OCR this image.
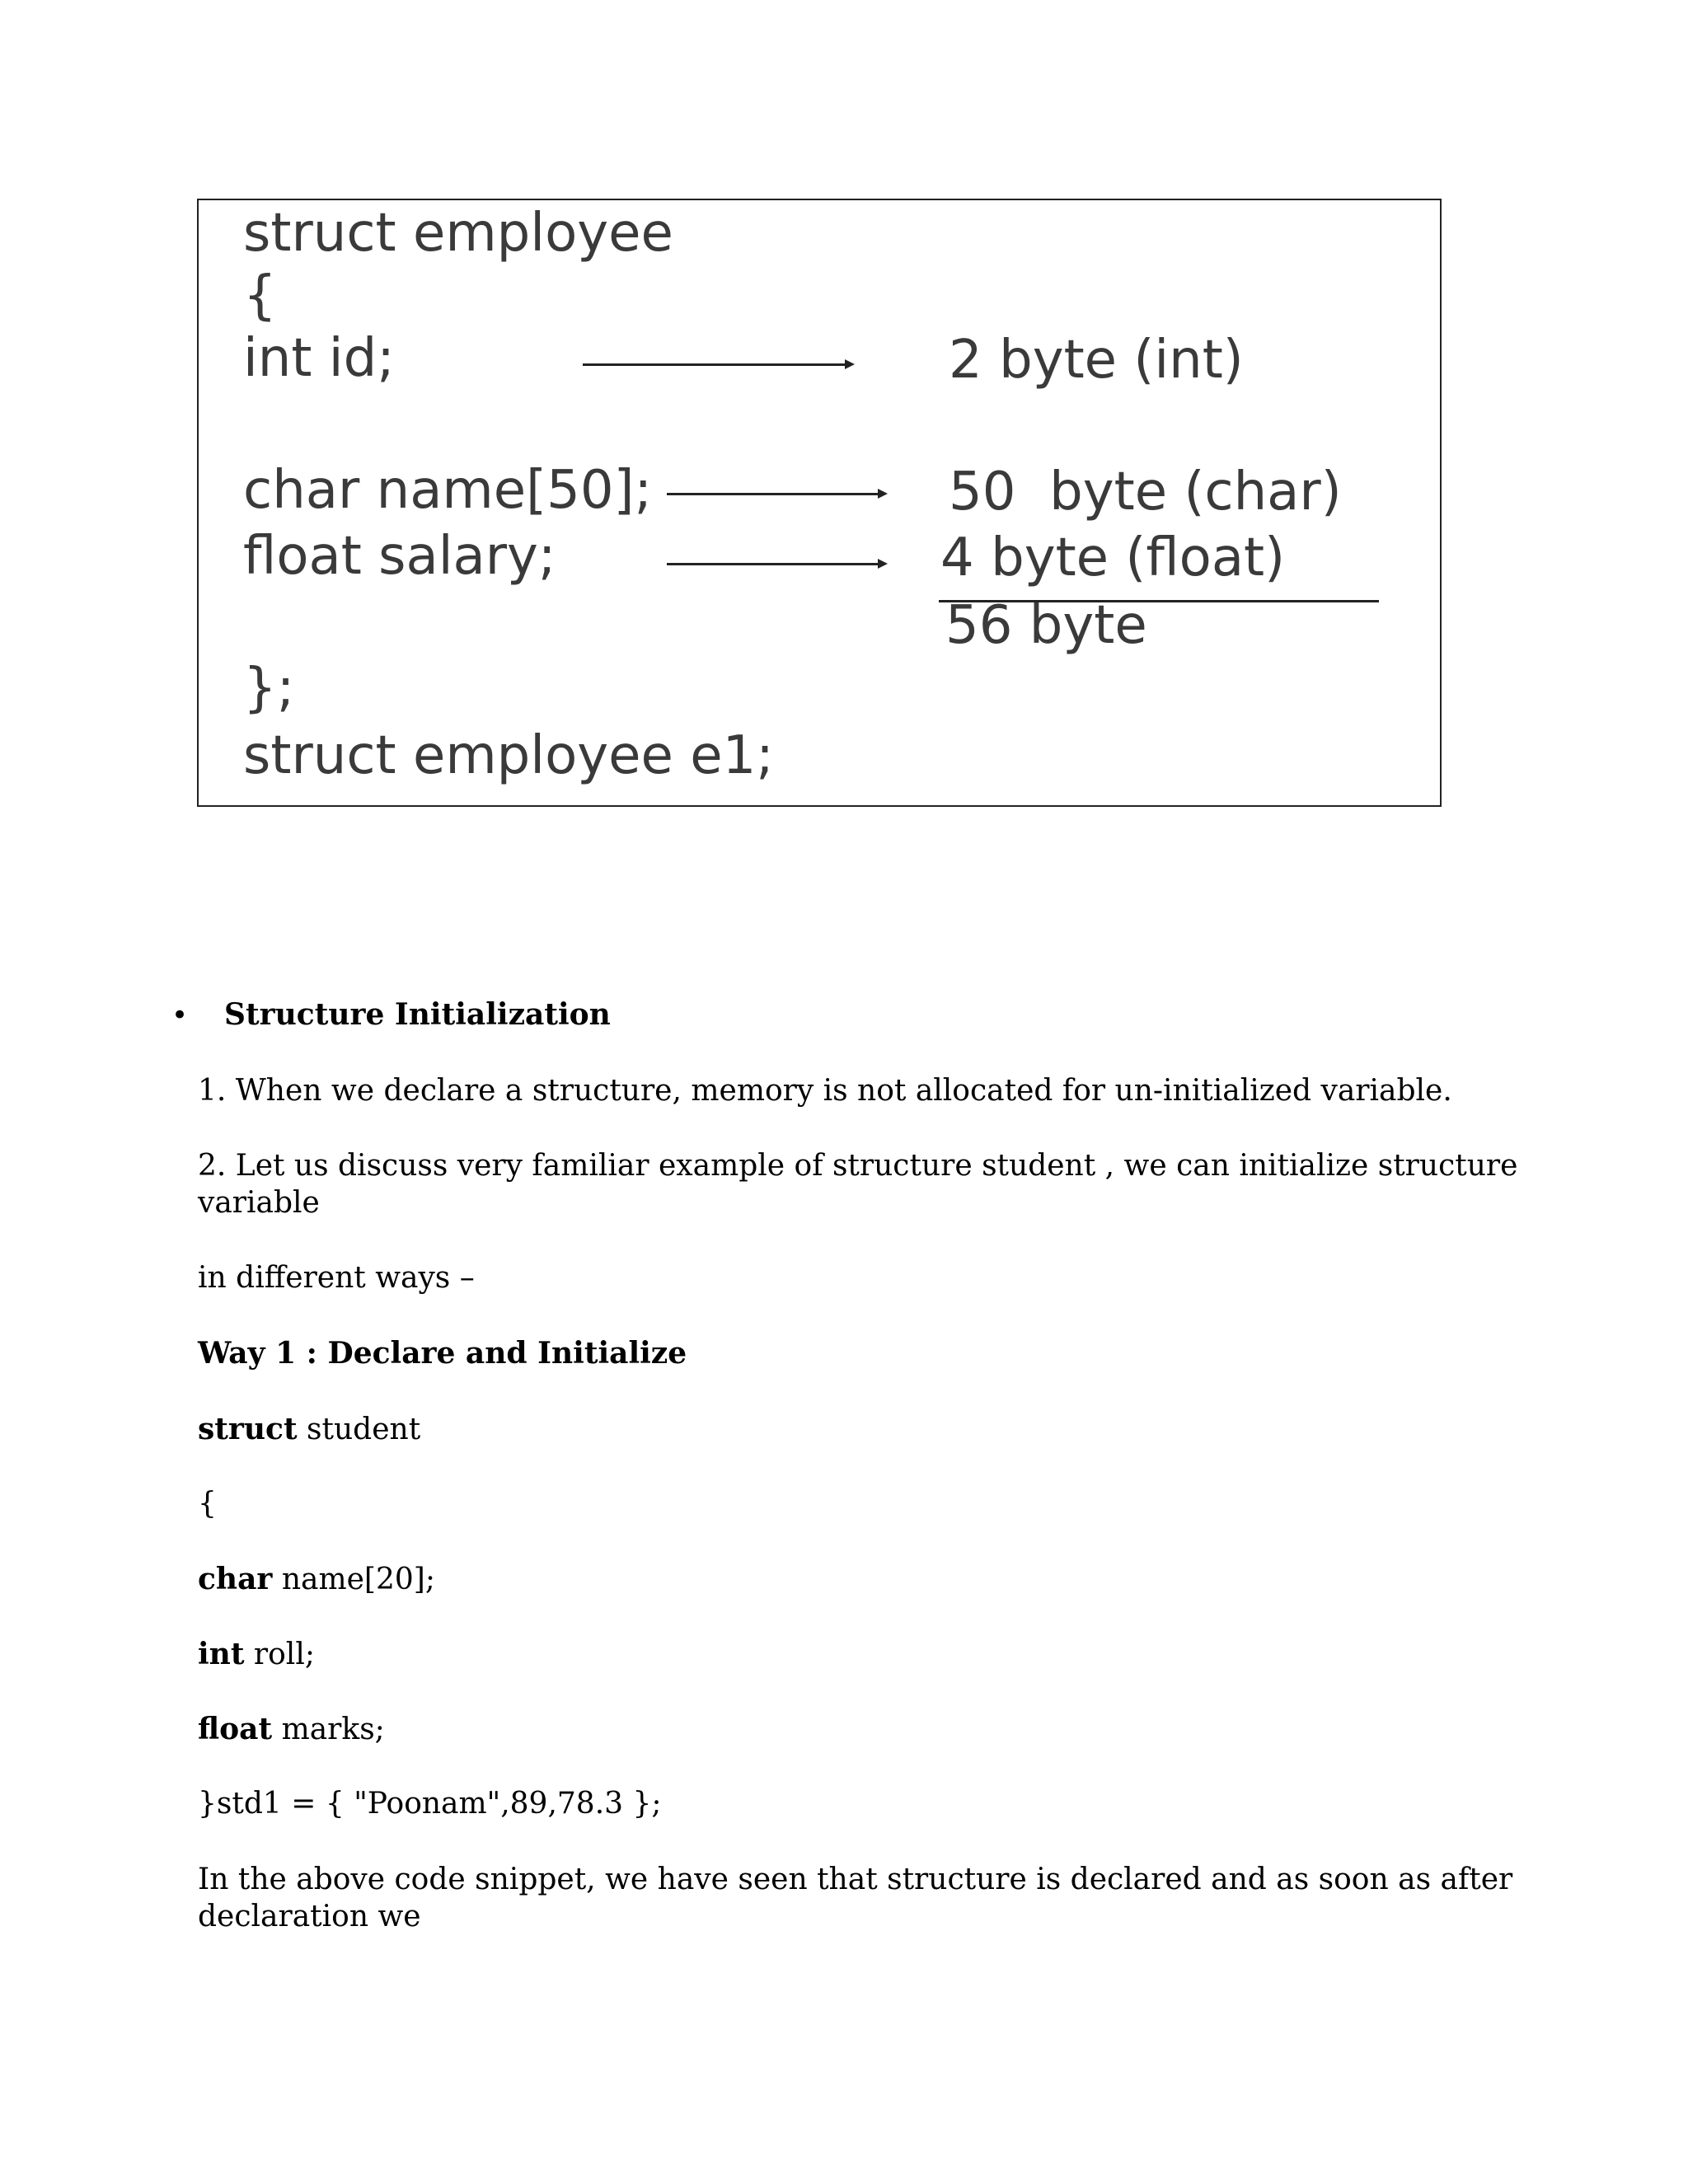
struct employee
{
int id;	2 byte (int)
char name[50];	50  byte (char)
float salary;	4 byte (float)
56 byte
};
struct employee e1;
• Structure Initialization
1. When we declare a structure, memory is not allocated for un-initialized variable.
2. Let us discuss very familiar example of structure student , we can initialize structure
variable
in different ways –
Way 1 : Declare and Initialize
struct student
{
char name[20];
int roll;
float marks;
}std1 = { "Poonam",89,78.3 };
In the above code snippet, we have seen that structure is declared and as soon as after
declaration we
